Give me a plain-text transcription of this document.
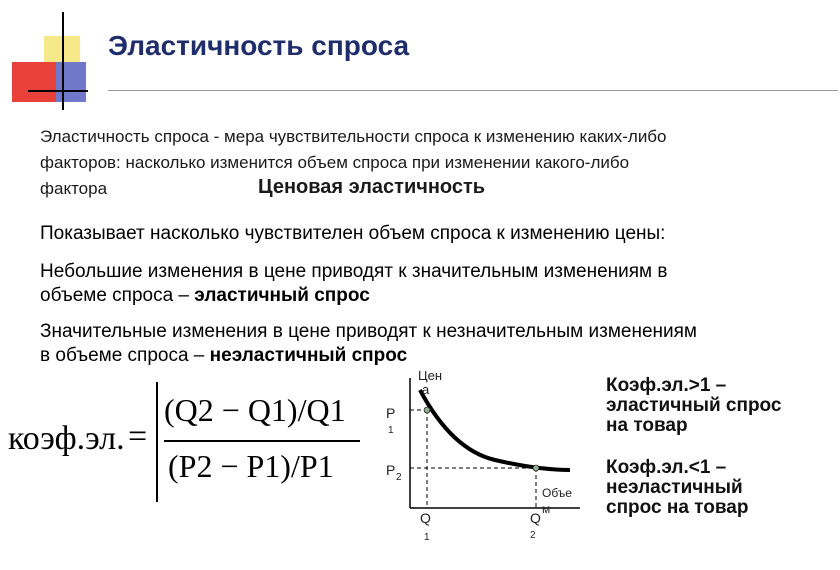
Эластичность спроса
Эластичность спроса - мера чувствительности спроса к изменению каких-либо
факторов: насколько изменится объем спроса при изменении какого-либо
фактора	Ценовая эластичность
Показывает насколько чувствителен объем спроса к изменению цены:
Небольшие изменения в цене приводят к значительным изменениям в
объеме спроса – эластичный спрос
Значительные изменения в цене приводят к незначительным изменениям
в объеме спроса – неэластичный спрос
коэф.эл. =
(Q2 − Q1)/Q1
(P2 − P1)/P1
Цен
а
P
1
P 2
Объе
м
Q
1
Q
2
Коэф.эл.>1 –
эластичный спрос
на товар
Коэф.эл.<1 –
неэластичный
спрос на товар
